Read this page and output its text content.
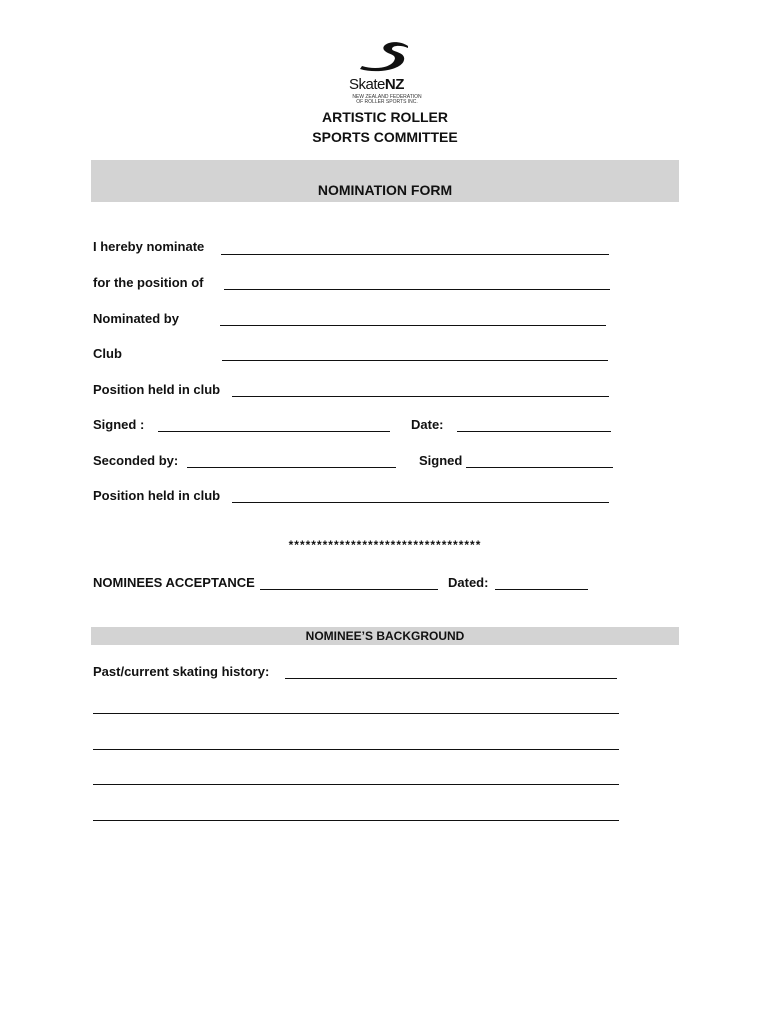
SkateNZ
NEW ZEALAND FEDERATION OF ROLLER SPORTS INC.
ARTISTIC ROLLER
SPORTS COMMITTEE
NOMINATION FORM
I hereby nominate
for the position of
Nominated by
Club
Position held in club
Signed :	Date:
Seconded by:	Signed
Position held in club
**********************************
NOMINEES ACCEPTANCE	Dated:
NOMINEE’S BACKGROUND
Past/current skating history:
